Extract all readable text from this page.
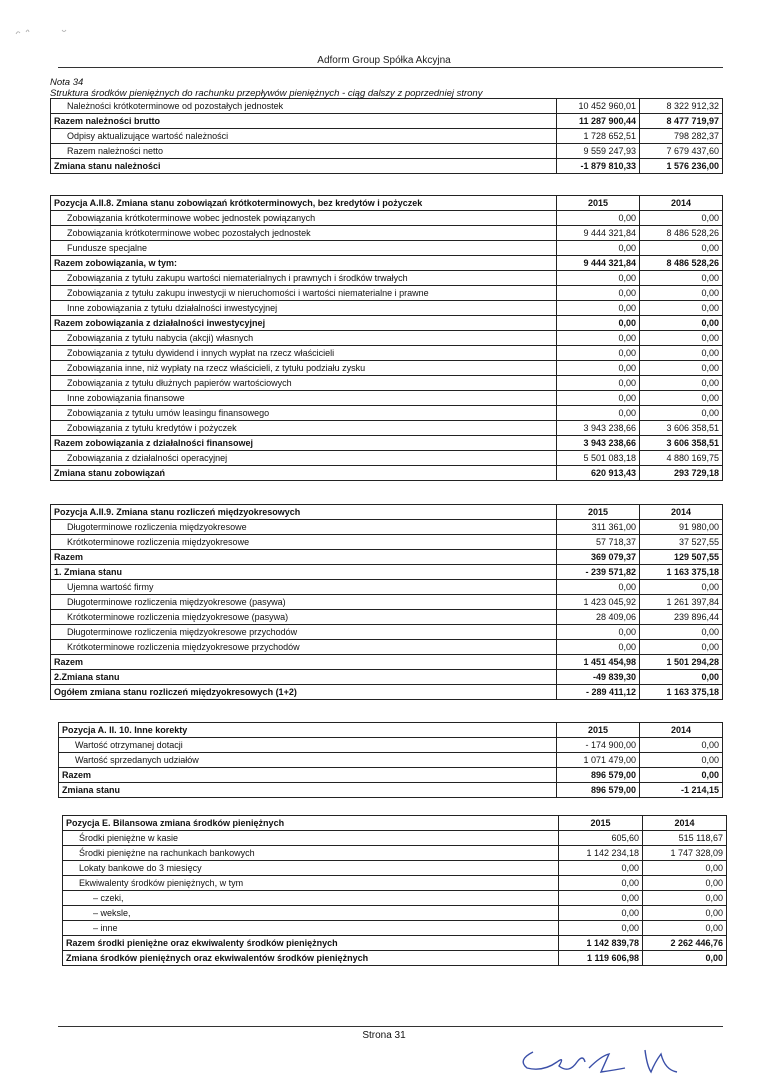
Adform Group Spółka Akcyjna
Nota 34
Struktura środków pieniężnych do rachunku przepływów pieniężnych - ciąg dalszy z poprzedniej strony
Należności krótkoterminowe od pozostałych jednostek	10 452 960,01	8 322 912,32
Razem należności brutto	11 287 900,44	8 477 719,97
Odpisy aktualizujące wartość należności	1 728 652,51	798 282,37
Razem należności netto	9 559 247,93	7 679 437,60
Zmiana stanu należności	-1 879 810,33	1 576 236,00
Pozycja A.II.8. Zmiana stanu zobowiązań krótkoterminowych, bez kredytów i pożyczek	2015	2014
Zobowiązania krótkoterminowe wobec jednostek powiązanych	0,00	0,00
Zobowiązania krótkoterminowe wobec pozostałych jednostek	9 444 321,84	8 486 528,26
Fundusze specjalne	0,00	0,00
Razem zobowiązania, w tym:	9 444 321,84	8 486 528,26
Zobowiązania z tytułu zakupu wartości niematerialnych i prawnych i środków trwałych	0,00	0,00
Zobowiązania z tytułu zakupu inwestycji w nieruchomości i wartości niematerialne i prawne	0,00	0,00
Inne zobowiązania z tytułu działalności inwestycyjnej	0,00	0,00
Razem zobowiązania z działalności inwestycyjnej	0,00	0,00
Zobowiązania z tytułu nabycia (akcji) własnych	0,00	0,00
Zobowiązania z tytułu dywidend i innych wypłat na rzecz właścicieli	0,00	0,00
Zobowiązania inne, niż wypłaty na rzecz właścicieli, z tytułu podziału zysku	0,00	0,00
Zobowiązania z tytułu dłużnych papierów wartościowych	0,00	0,00
Inne zobowiązania finansowe	0,00	0,00
Zobowiązania z tytułu umów leasingu finansowego	0,00	0,00
Zobowiązania z tytułu kredytów i pożyczek	3 943 238,66	3 606 358,51
Razem zobowiązania z działalności finansowej	3 943 238,66	3 606 358,51
Zobowiązania z działalności operacyjnej	5 501 083,18	4 880 169,75
Zmiana stanu zobowiązań	620 913,43	293 729,18
Pozycja A.II.9. Zmiana stanu rozliczeń międzyokresowych	2015	2014
Długoterminowe rozliczenia międzyokresowe	311 361,00	91 980,00
Krótkoterminowe rozliczenia międzyokresowe	57 718,37	37 527,55
Razem	369 079,37	129 507,55
1. Zmiana stanu	- 239 571,82	1 163 375,18
Ujemna wartość firmy	0,00	0,00
Długoterminowe rozliczenia międzyokresowe (pasywa)	1 423 045,92	1 261 397,84
Krótkoterminowe rozliczenia międzyokresowe (pasywa)	28 409,06	239 896,44
Długoterminowe rozliczenia międzyokresowe przychodów	0,00	0,00
Krótkoterminowe rozliczenia międzyokresowe przychodów	0,00	0,00
Razem	1 451 454,98	1 501 294,28
2.Zmiana stanu	-49 839,30	0,00
Ogółem zmiana stanu rozliczeń międzyokresowych (1+2)	- 289 411,12	1 163 375,18
Pozycja A. II. 10. Inne korekty	2015	2014
Wartość otrzymanej dotacji	- 174 900,00	0,00
Wartość sprzedanych udziałów	1 071 479,00	0,00
Razem	896 579,00	0,00
Zmiana stanu	896 579,00	-1 214,15
Pozycja E. Bilansowa zmiana środków pieniężnych	2015	2014
Środki pieniężne w kasie	605,60	515 118,67
Środki pieniężne na rachunkach bankowych	1 142 234,18	1 747 328,09
Lokaty bankowe do 3 miesięcy	0,00	0,00
Ekwiwalenty środków pieniężnych, w tym	0,00	0,00
– czeki,	0,00	0,00
– weksle,	0,00	0,00
– inne	0,00	0,00
Razem środki pieniężne oraz ekwiwalenty środków pieniężnych	1 142 839,78	2 262 446,76
Zmiana środków pieniężnych oraz ekwiwalentów środków pieniężnych	1 119 606,98	0,00
Strona 31
